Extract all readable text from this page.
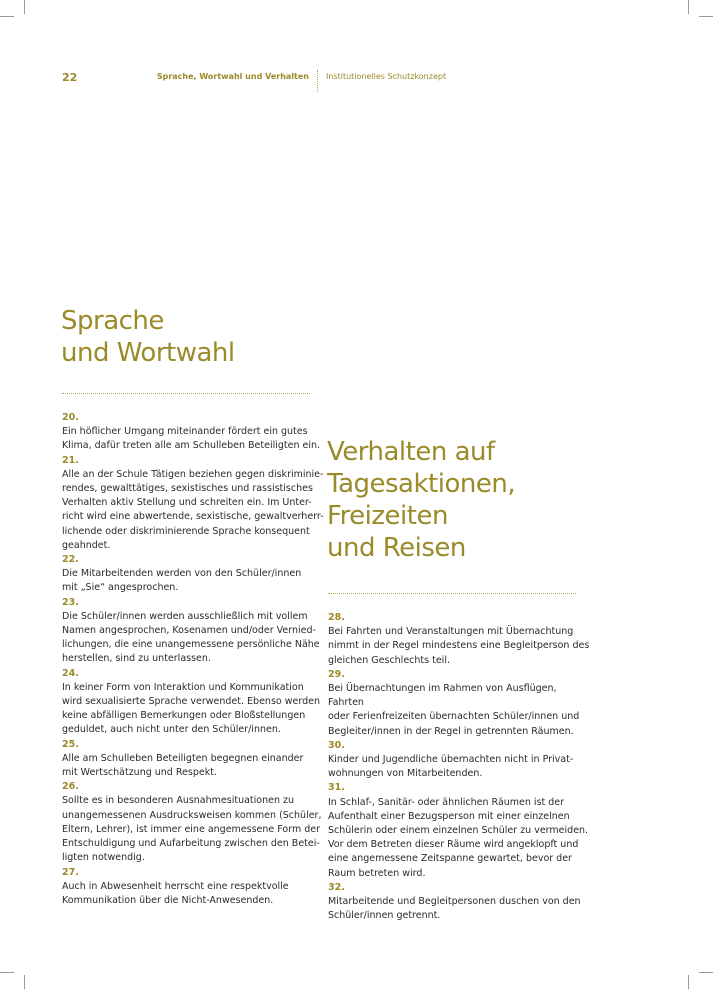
22	Sprache, Wortwahl und Verhalten Institutionelles Schutzkonzept
Sprache
und Wortwahl

20.

Ein höflicher Umgang miteinander fördert ein gutes

Klima, dafür treten alle am Schulleben Beteiligten ein.

21.

Alle an der Schule Tätigen beziehen gegen diskriminie-

rendes, gewalttätiges, sexistisches und rassistisches

Verhalten aktiv Stellung und schreiten ein. Im Unter-

richt wird eine abwertende, sexistische, gewaltverherr-

lichende oder diskriminierende Sprache konsequent

geahndet.

22.

Die Mitarbeitenden werden von den Schüler/innen

mit „Sie“ angesprochen.

23.

Die Schüler/innen werden ausschließlich mit vollem

Namen angesprochen, Kosenamen und/oder Vernied-

lichungen, die eine unangemessene persönliche Nähe

herstellen, sind zu unterlassen.

24.

In keiner Form von Interaktion und Kommunikation

wird sexualisierte Sprache verwendet. Ebenso werden

keine abfälligen Bemerkungen oder Bloßstellungen

geduldet, auch nicht unter den Schüler/innen.

25.

Alle am Schulleben Beteiligten begegnen einander

mit Wertschätzung und Respekt.

26.

Sollte es in besonderen Ausnahmesituationen zu

unangemessenen Ausdrucksweisen kommen (Schüler,

Eltern, Lehrer), ist immer eine angemessene Form der

Entschuldigung und Aufarbeitung zwischen den Betei-

ligten notwendig.

27.

Auch in Abwesenheit herrscht eine respektvolle

Kommunikation über die Nicht-Anwesenden.

Verhalten auf
Tagesaktionen,
Freizeiten
und Reisen

28.

Bei Fahrten und Veranstaltungen mit Übernachtung

nimmt in der Regel mindestens eine Begleitperson des

gleichen Geschlechts teil.

29.

Bei Übernachtungen im Rahmen von Ausflügen, Fahrten

oder Ferienfreizeiten übernachten Schüler/innen und

Begleiter/innen in der Regel in getrennten Räumen.

30.

Kinder und Jugendliche übernachten nicht in Privat-

wohnungen von Mitarbeitenden.

31.

In Schlaf-, Sanitär- oder ähnlichen Räumen ist der

Aufenthalt einer Bezugsperson mit einer einzelnen

Schülerin oder einem einzelnen Schüler zu vermeiden.

Vor dem Betreten dieser Räume wird angeklopft und

eine angemessene Zeitspanne gewartet, bevor der

Raum betreten wird.

32.

Mitarbeitende und Begleitpersonen duschen von den

Schüler/innen getrennt.
